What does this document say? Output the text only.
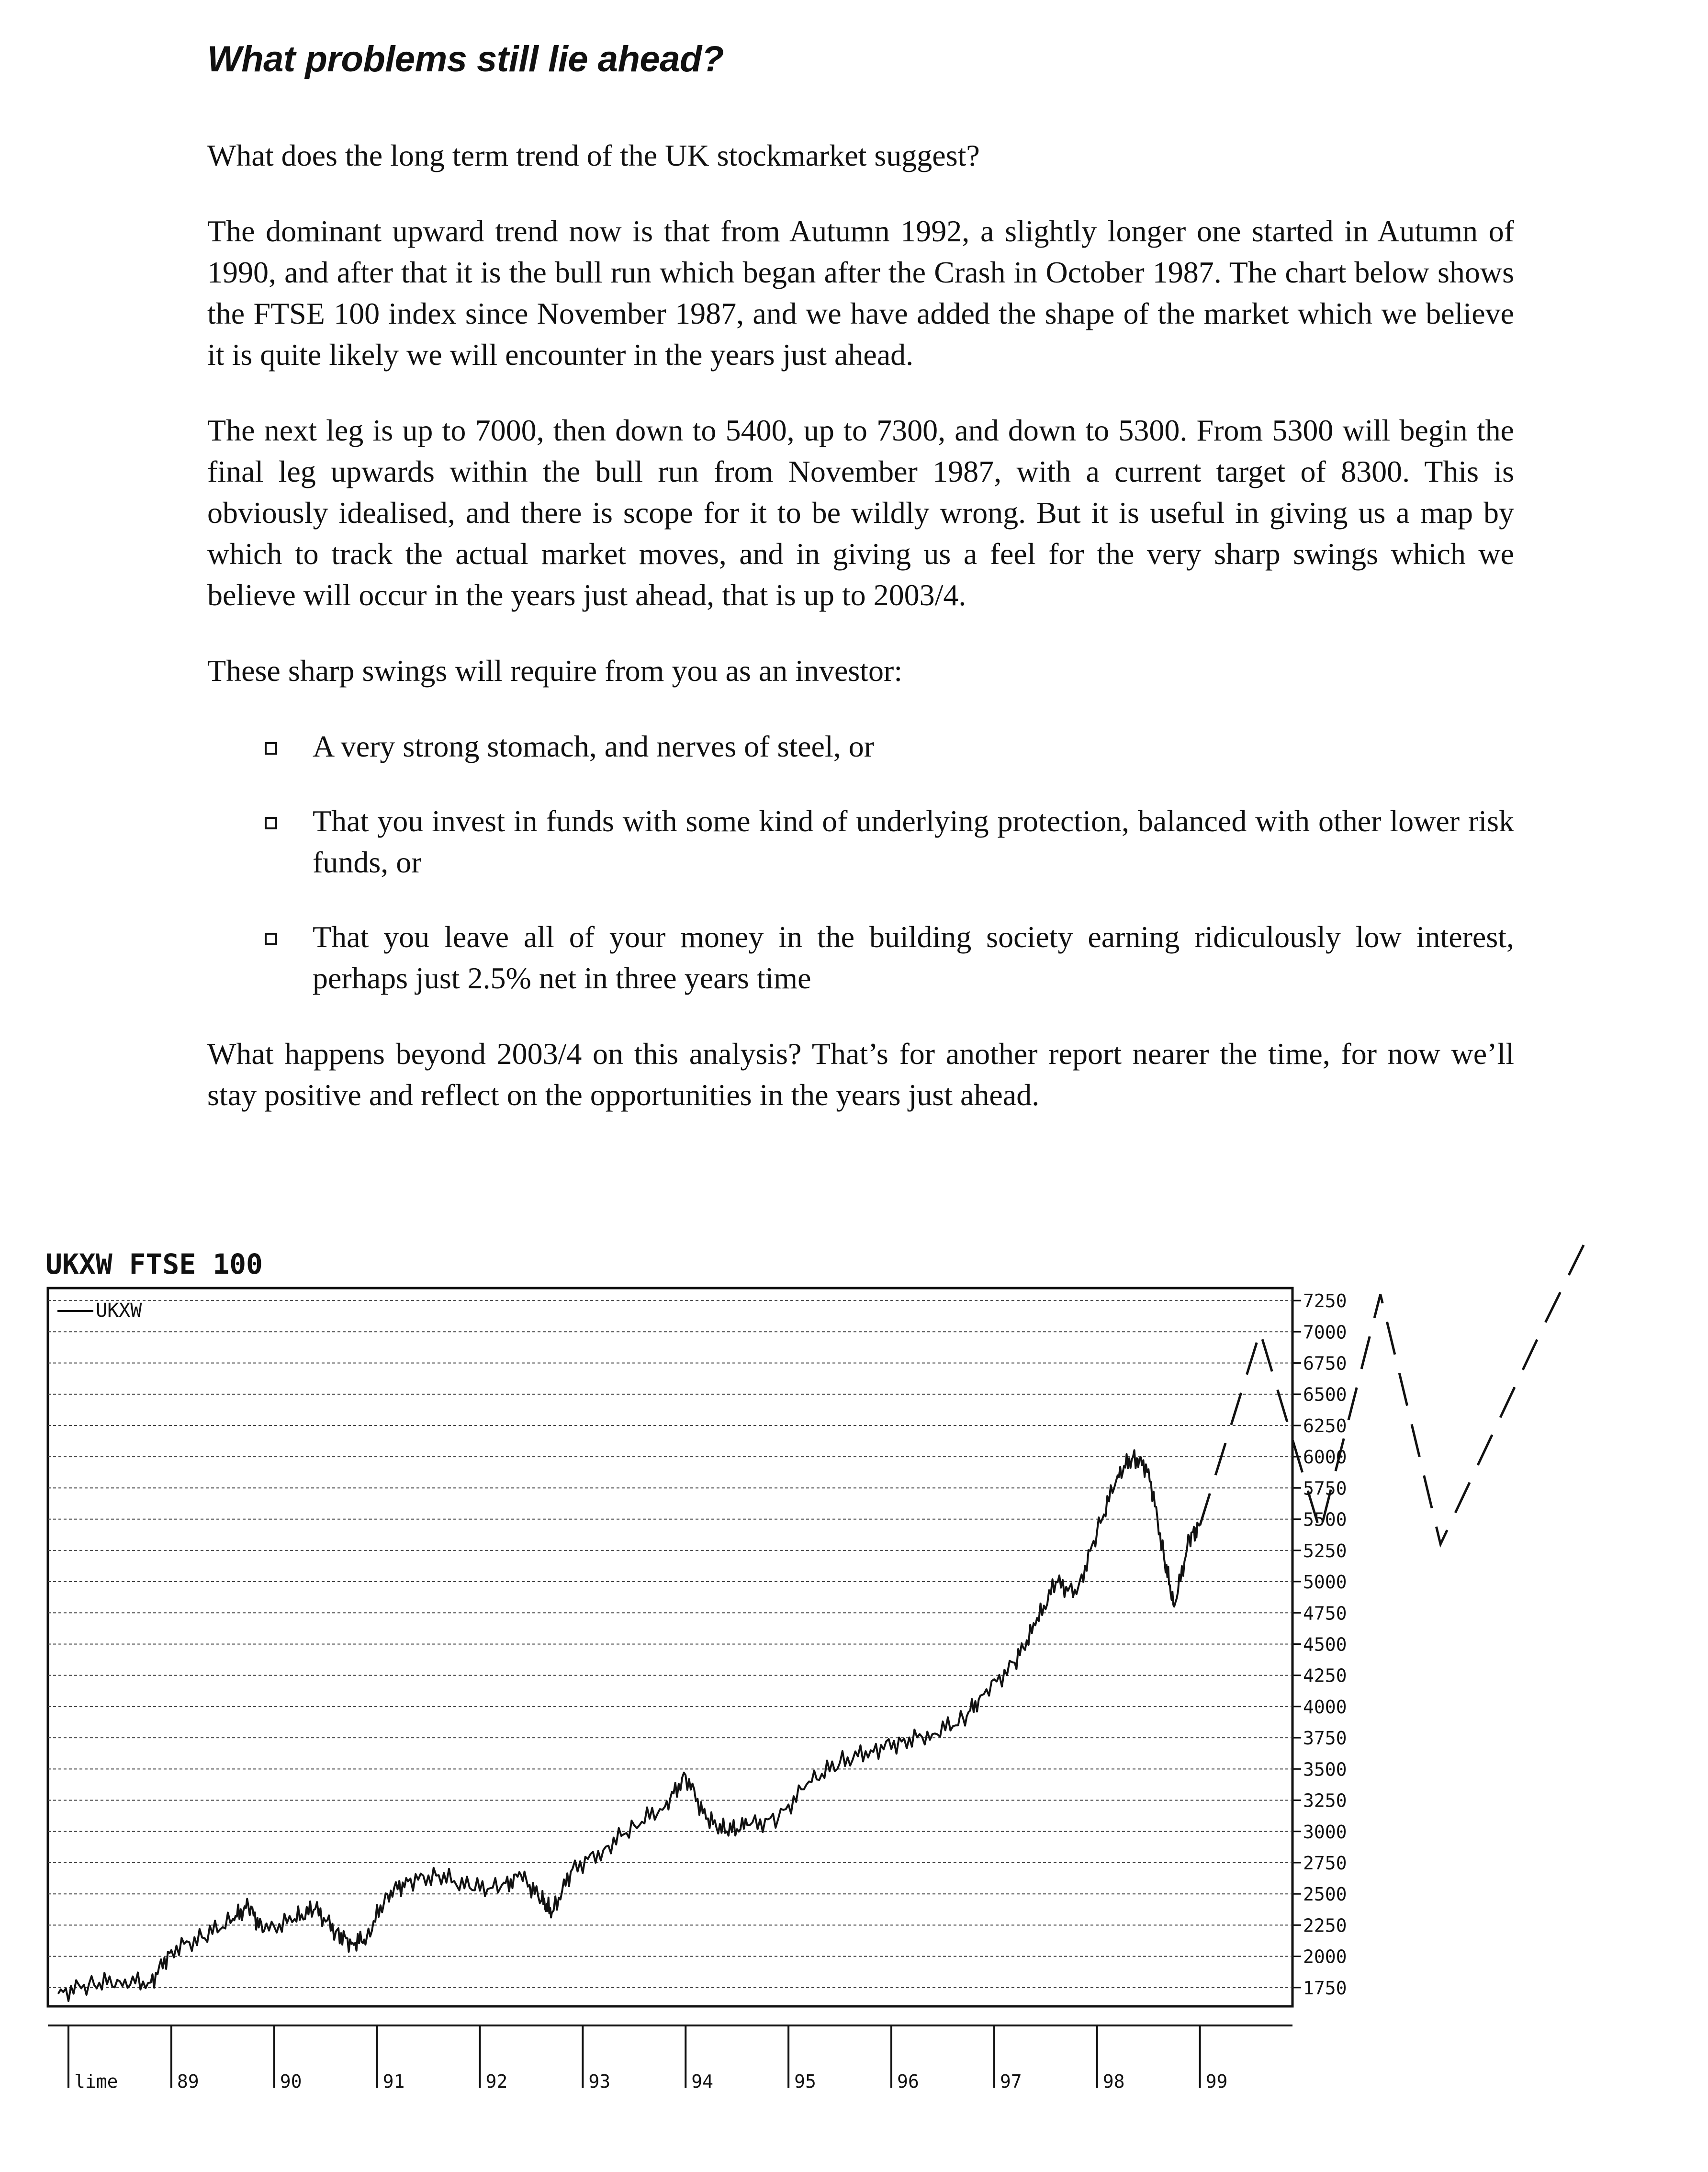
What problems still lie ahead?

What does the long term trend of the UK stockmarket suggest?

The dominant upward trend now is that from Autumn 1992, a slightly longer one started in Autumn of 1990, and after that it is the bull run which began after the Crash in October 1987. The chart below shows the FTSE 100 index since November 1987, and we have added the shape of the market which we believe it is quite likely we will encounter in the years just ahead.

The next leg is up to 7000, then down to 5400, up to 7300, and down to 5300. From 5300 will begin the final leg upwards within the bull run from November 1987, with a current target of 8300. This is obviously idealised, and there is scope for it to be wildly wrong. But it is useful in giving us a map by which to track the actual market moves, and in giving us a feel for the very sharp swings which we believe will occur in the years just ahead, that is up to 2003/4.

These sharp swings will require from you as an investor:

A very strong stomach, and nerves of steel, or
That you invest in funds with some kind of underlying protection, balanced with other lower risk funds, or
That you leave all of your money in the building society earning ridiculously low interest, perhaps just 2.5% net in three years time

What happens beyond 2003/4 on this analysis? That’s for another report nearer the time, for now we’ll stay positive and reflect on the opportunities in the years just ahead.

UKXW FTSE 100
7250
7000
6750
6500
6250
6000
5750
5500
5250
5000
4750
4500
4250
4000
3750
3500
3250
3000
2750
2500
2250
2000
1750
lime	89	90	91	92	93	94	95	96	97	98	99
UKXW
